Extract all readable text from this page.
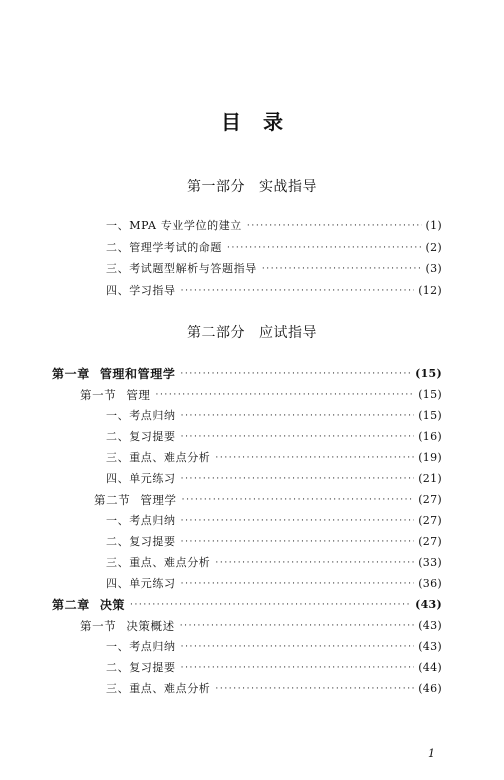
目录
第一部分 实战指导
一、MPA 专业学位的建立 ·····	(1)
二、管理学考试的命题 ·····	(2)
三、考试题型解析与答题指导 ·····	(3)
四、学习指导 ·····	(12)
第二部分 应试指导
第一章 管理和管理学 ·····	(15)
第一节 管理 ·····	(15)
一、考点归纳 ·····	(15)
二、复习提要 ·····	(16)
三、重点、难点分析 ·····	(19)
四、单元练习 ·····	(21)
第二节 管理学 ·····	(27)
一、考点归纳 ·····	(27)
二、复习提要 ·····	(27)
三、重点、难点分析 ·····	(33)
四、单元练习 ·····	(36)
第二章 决策 ·····	(43)
第一节 决策概述 ·····	(43)
一、考点归纳 ·····	(43)
二、复习提要 ·····	(44)
三、重点、难点分析 ·····	(46)
1
